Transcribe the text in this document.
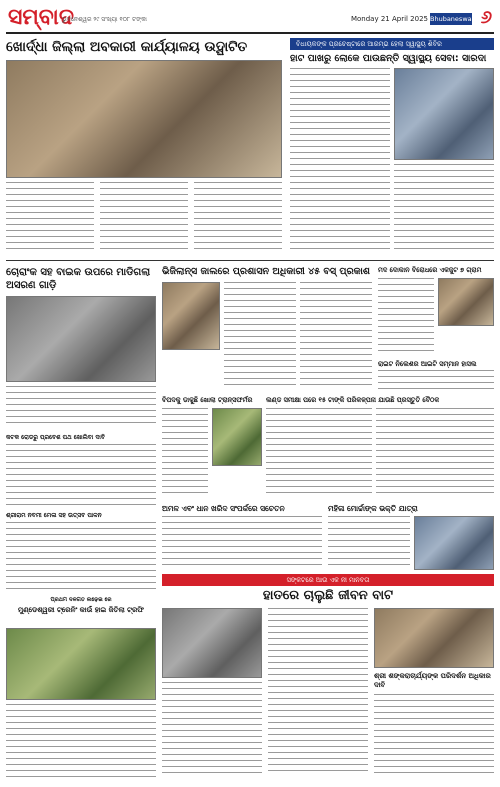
ସମ୍ବାଦ
ଭୁବନେଶ୍ୱର ୨୯ ସଂଖ୍ୟା ୧୦୮ ଟଙ୍କା	Monday 21 April 2025 Bhubaneswar ୬
ଖୋର୍ଦ୍ଧା ଜିଲ୍ଲା ଅବକାରୀ କାର୍ଯ୍ୟାଳୟ ଉଦ୍ଘାଟିତ	ବିଧାୟକଙ୍କ ପ୍ରଚେଷ୍ଟାରେ ଆରମ୍ଭ ହେଲା ସ୍ୱାସ୍ଥ୍ୟ ଶିବିର
ହାଟ ପାଖରୁ ଲୋକେ ପାଉଛନ୍ତି ସ୍ୱାସ୍ଥ୍ୟ ସେବା: ସାରଦା
ଚୋରାଂକ ସହ ବାଇକ ଉପରେ ମାଡିଗଲା ଅସରଣ ଗାଡ଼ି
କଟକ ରୋଡରୁ ପ୍ରବେଶ ପଥ ଖୋଲିବା ଦାବି
ଶ୍ରୀରାମ ନବମୀ ମେଳା ସହ ଉତ୍ସବ ପାଳନ
ପ୍ରଥମ ଦଳଗତ ଲଢ଼େଇ ରେ
ମୁଣ୍ଡେଶ୍ୱରୀ ଟ୍ରେନିଂ କାଉଁ ହାଇ ଜିତିଲା ଟ୍ରଫି
ଭିଜିଲାନ୍ସ ଜାଲରେ ପ୍ରଶାସନ ଅଧିକାରୀ ୪୫ ବସ୍ ପ୍ରକାଶ
ବିପଦକୁ ଡାକୁଛି ଖୋଲା ଟ୍ରାନ୍ସଫର୍ମର	ଲଣ୍ଡ ସମୀକ୍ଷା ପରେ ୧୫ ଟାଙ୍କି ପରିକଳ୍ପନା ଯାଉଛି ପ୍ରସ୍ତୁତି ବୈଠକ
ମଦ ଦୋକାନ ବିରୋଧରେ ଏକଜୁଟ ୭ ଗ୍ରାମ
ରାଇଟ ନିଲେଶର ଆଇଟି ସମ୍ମାନ ହାସଲ
ଅମଳ ଏବଂ ଧାନ ଖରିଦ ସଂପର୍କରେ ସଚେତନ	ମହିଳା ମୋର୍ଚ୍ଚାଙ୍କ ଭକ୍ତି ଯାତ୍ରା
ସଙ୍କଟରେ ଆଉ ଏକ ନୀ ମାନବତା
ହାତରେ ଚାଲୁଛି ଜୀବନ ବାଟ
ଶ୍ରୀ ଶଙ୍କରାଚାର୍ଯ୍ୟଙ୍କ ପରିଦର୍ଶନ ଅଧିକାର ଦାବି
